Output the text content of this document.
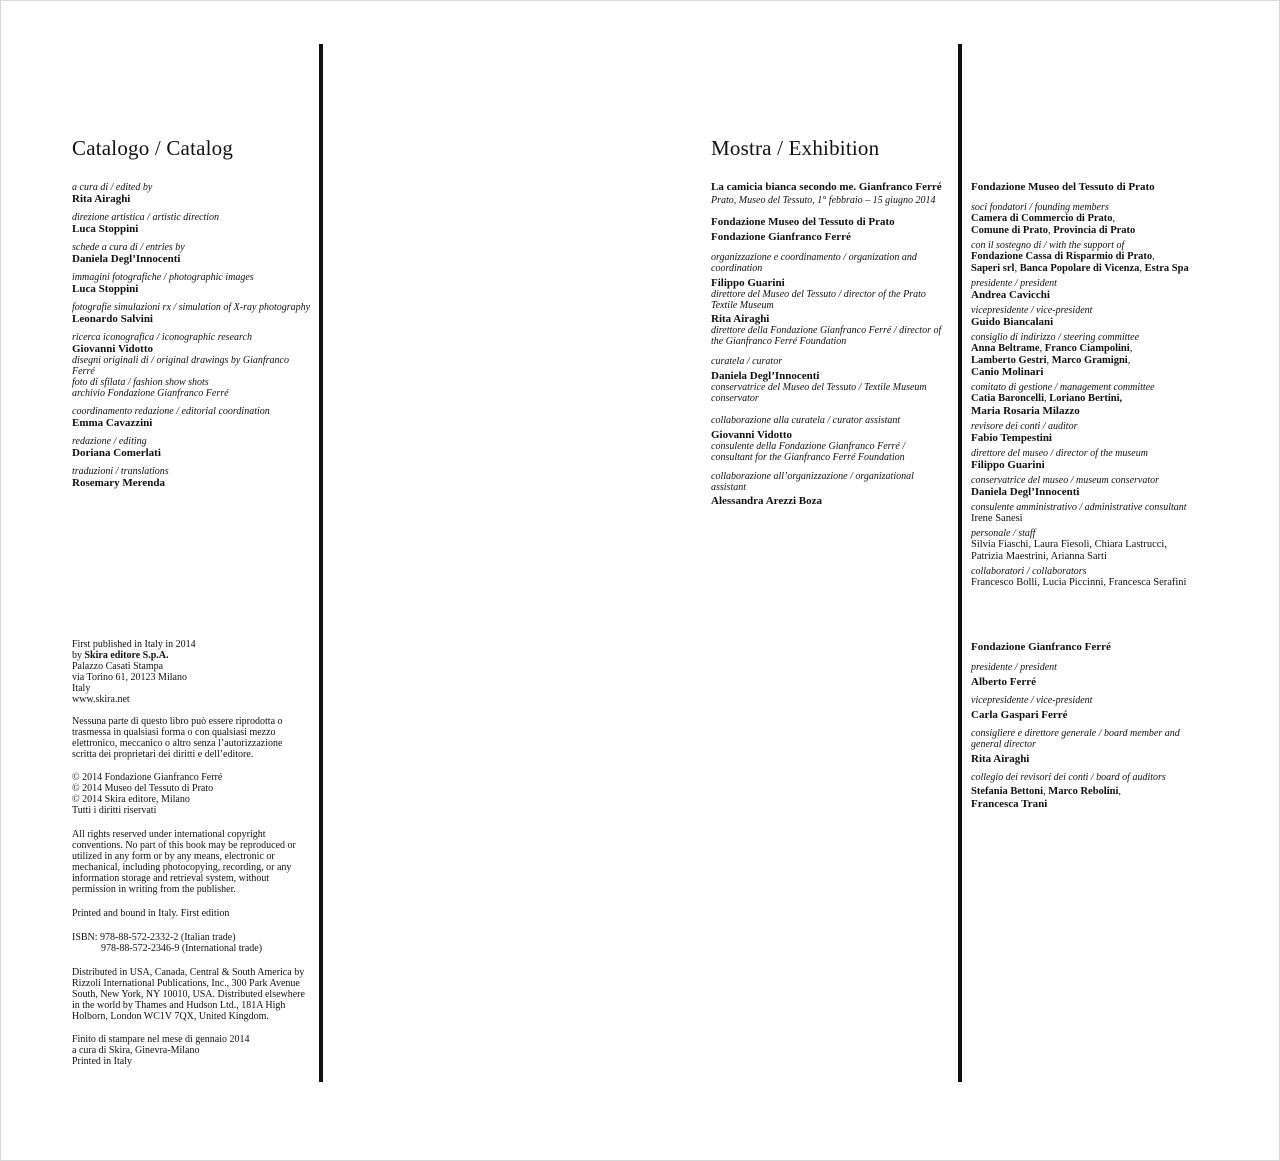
Catalogo / Catalog
a cura di / edited by
Rita Airaghi
direzione artistica / artistic direction
Luca Stoppini
schede a cura di / entries by
Daniela Degl’Innocenti
immagini fotografiche / photographic images
Luca Stoppini
fotografie simulazioni rx / simulation of X-ray photography
Leonardo Salvini
ricerca iconografica / iconographic research
Giovanni Vidotto
disegni originali di / original drawings by Gianfranco Ferré
foto di sfilata / fashion show shots
archivio Fondazione Gianfranco Ferré
coordinamento redazione / editorial coordination
Emma Cavazzini
redazione / editing
Doriana Comerlati
traduzioni / translations
Rosemary Merenda
First published in Italy in 2014
by Skira editore S.p.A.
Palazzo Casati Stampa
via Torino 61, 20123 Milano
Italy
www.skira.net
Nessuna parte di questo libro può essere riprodotta o trasmessa in qualsiasi forma o con qualsiasi mezzo elettronico, meccanico o altro senza l’autorizzazione scritta dei proprietari dei diritti e dell’editore.
© 2014 Fondazione Gianfranco Ferré
© 2014 Museo del Tessuto di Prato
© 2014 Skira editore, Milano
Tutti i diritti riservati
All rights reserved under international copyright conventions. No part of this book may be reproduced or utilized in any form or by any means, electronic or mechanical, including photocopying, recording, or any information storage and retrieval system, without permission in writing from the publisher.
Printed and bound in Italy. First edition
ISBN: 978-88-572-2332-2 (Italian trade)
978-88-572-2346-9 (International trade)
Distributed in USA, Canada, Central & South America by Rizzoli International Publications, Inc., 300 Park Avenue South, New York, NY 10010, USA. Distributed elsewhere in the world by Thames and Hudson Ltd., 181A High Holborn, London WC1V 7QX, United Kingdom.
Finito di stampare nel mese di gennaio 2014
a cura di Skira, Ginevra-Milano
Printed in Italy
Mostra / Exhibition
La camicia bianca secondo me. Gianfranco Ferré
Prato, Museo del Tessuto, 1° febbraio – 15 giugno 2014
Fondazione Museo del Tessuto di Prato
Fondazione Gianfranco Ferré
organizzazione e coordinamento / organization and coordination
Filippo Guarini
direttore del Museo del Tessuto / director of the Prato Textile Museum
Rita Airaghi
direttore della Fondazione Gianfranco Ferré / director of the Gianfranco Ferré Foundation
curatela / curator
Daniela Degl’Innocenti
conservatrice del Museo del Tessuto / Textile Museum conservator
collaborazione alla curatela / curator assistant
Giovanni Vidotto
consulente della Fondazione Gianfranco Ferré / consultant for the Gianfranco Ferré Foundation
collaborazione all’organizzazione / organizational assistant
Alessandra Arezzi Boza
Fondazione Museo del Tessuto di Prato
soci fondatori / founding members
Camera di Commercio di Prato,
Comune di Prato, Provincia di Prato
con il sostegno di / with the support of
Fondazione Cassa di Risparmio di Prato,
Saperi srl, Banca Popolare di Vicenza, Estra Spa
presidente / president
Andrea Cavicchi
vicepresidente / vice-president
Guido Biancalani
consiglio di indirizzo / steering committee
Anna Beltrame, Franco Ciampolini,
Lamberto Gestri, Marco Gramigni,
Canio Molinari
comitato di gestione / management committee
Catia Baroncelli, Loriano Bertini,
Maria Rosaria Milazzo
revisore dei conti / auditor
Fabio Tempestini
direttore del museo / director of the museum
Filippo Guarini
conservatrice del museo / museum conservator
Daniela Degl’Innocenti
consulente amministrativo / administrative consultant
Irene Sanesi
personale / staff
Silvia Fiaschi, Laura Fiesoli, Chiara Lastrucci,
Patrizia Maestrini, Arianna Sarti
collaboratori / collaborators
Francesco Bolli, Lucia Piccinni, Francesca Serafini
Fondazione Gianfranco Ferré
presidente / president
Alberto Ferré
vicepresidente / vice-president
Carla Gaspari Ferré
consigliere e direttore generale / board member and general director
Rita Airaghi
collegio dei revisori dei conti / board of auditors
Stefania Bettoni, Marco Rebolini,
Francesca Trani
